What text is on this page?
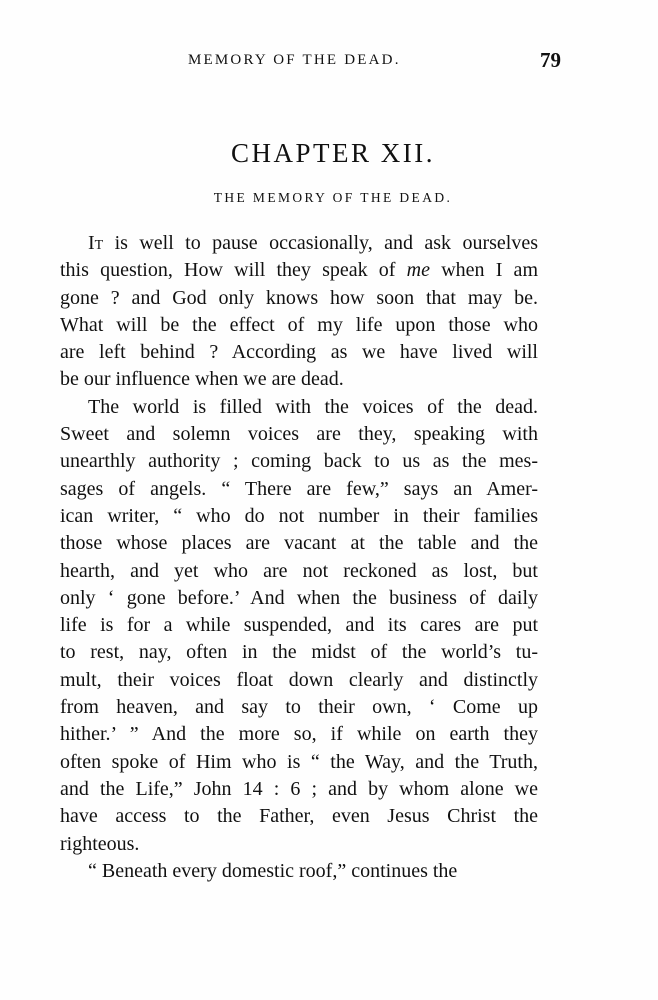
MEMORY OF THE DEAD.	79
CHAPTER XII.
THE MEMORY OF THE DEAD.
It is well to pause occasionally, and ask ourselves
this question, How will they speak of me when I am
gone ? and God only knows how soon that may be.
What will be the effect of my life upon those who
are left behind ? According as we have lived will
be our influence when we are dead.
The world is filled with the voices of the dead.
Sweet and solemn voices are they, speaking with
unearthly authority ; coming back to us as the mes-
sages of angels. “ There are few,” says an Amer-
ican writer, “ who do not number in their families
those whose places are vacant at the table and the
hearth, and yet who are not reckoned as lost, but
only ‘ gone before.’ And when the business of daily
life is for a while suspended, and its cares are put
to rest, nay, often in the midst of the world’s tu-
mult, their voices float down clearly and distinctly
from heaven, and say to their own, ‘ Come up
hither.’ ” And the more so, if while on earth they
often spoke of Him who is “ the Way, and the Truth,
and the Life,” John 14 : 6 ; and by whom alone we
have access to the Father, even Jesus Christ the
righteous.
“ Beneath every domestic roof,” continues the
